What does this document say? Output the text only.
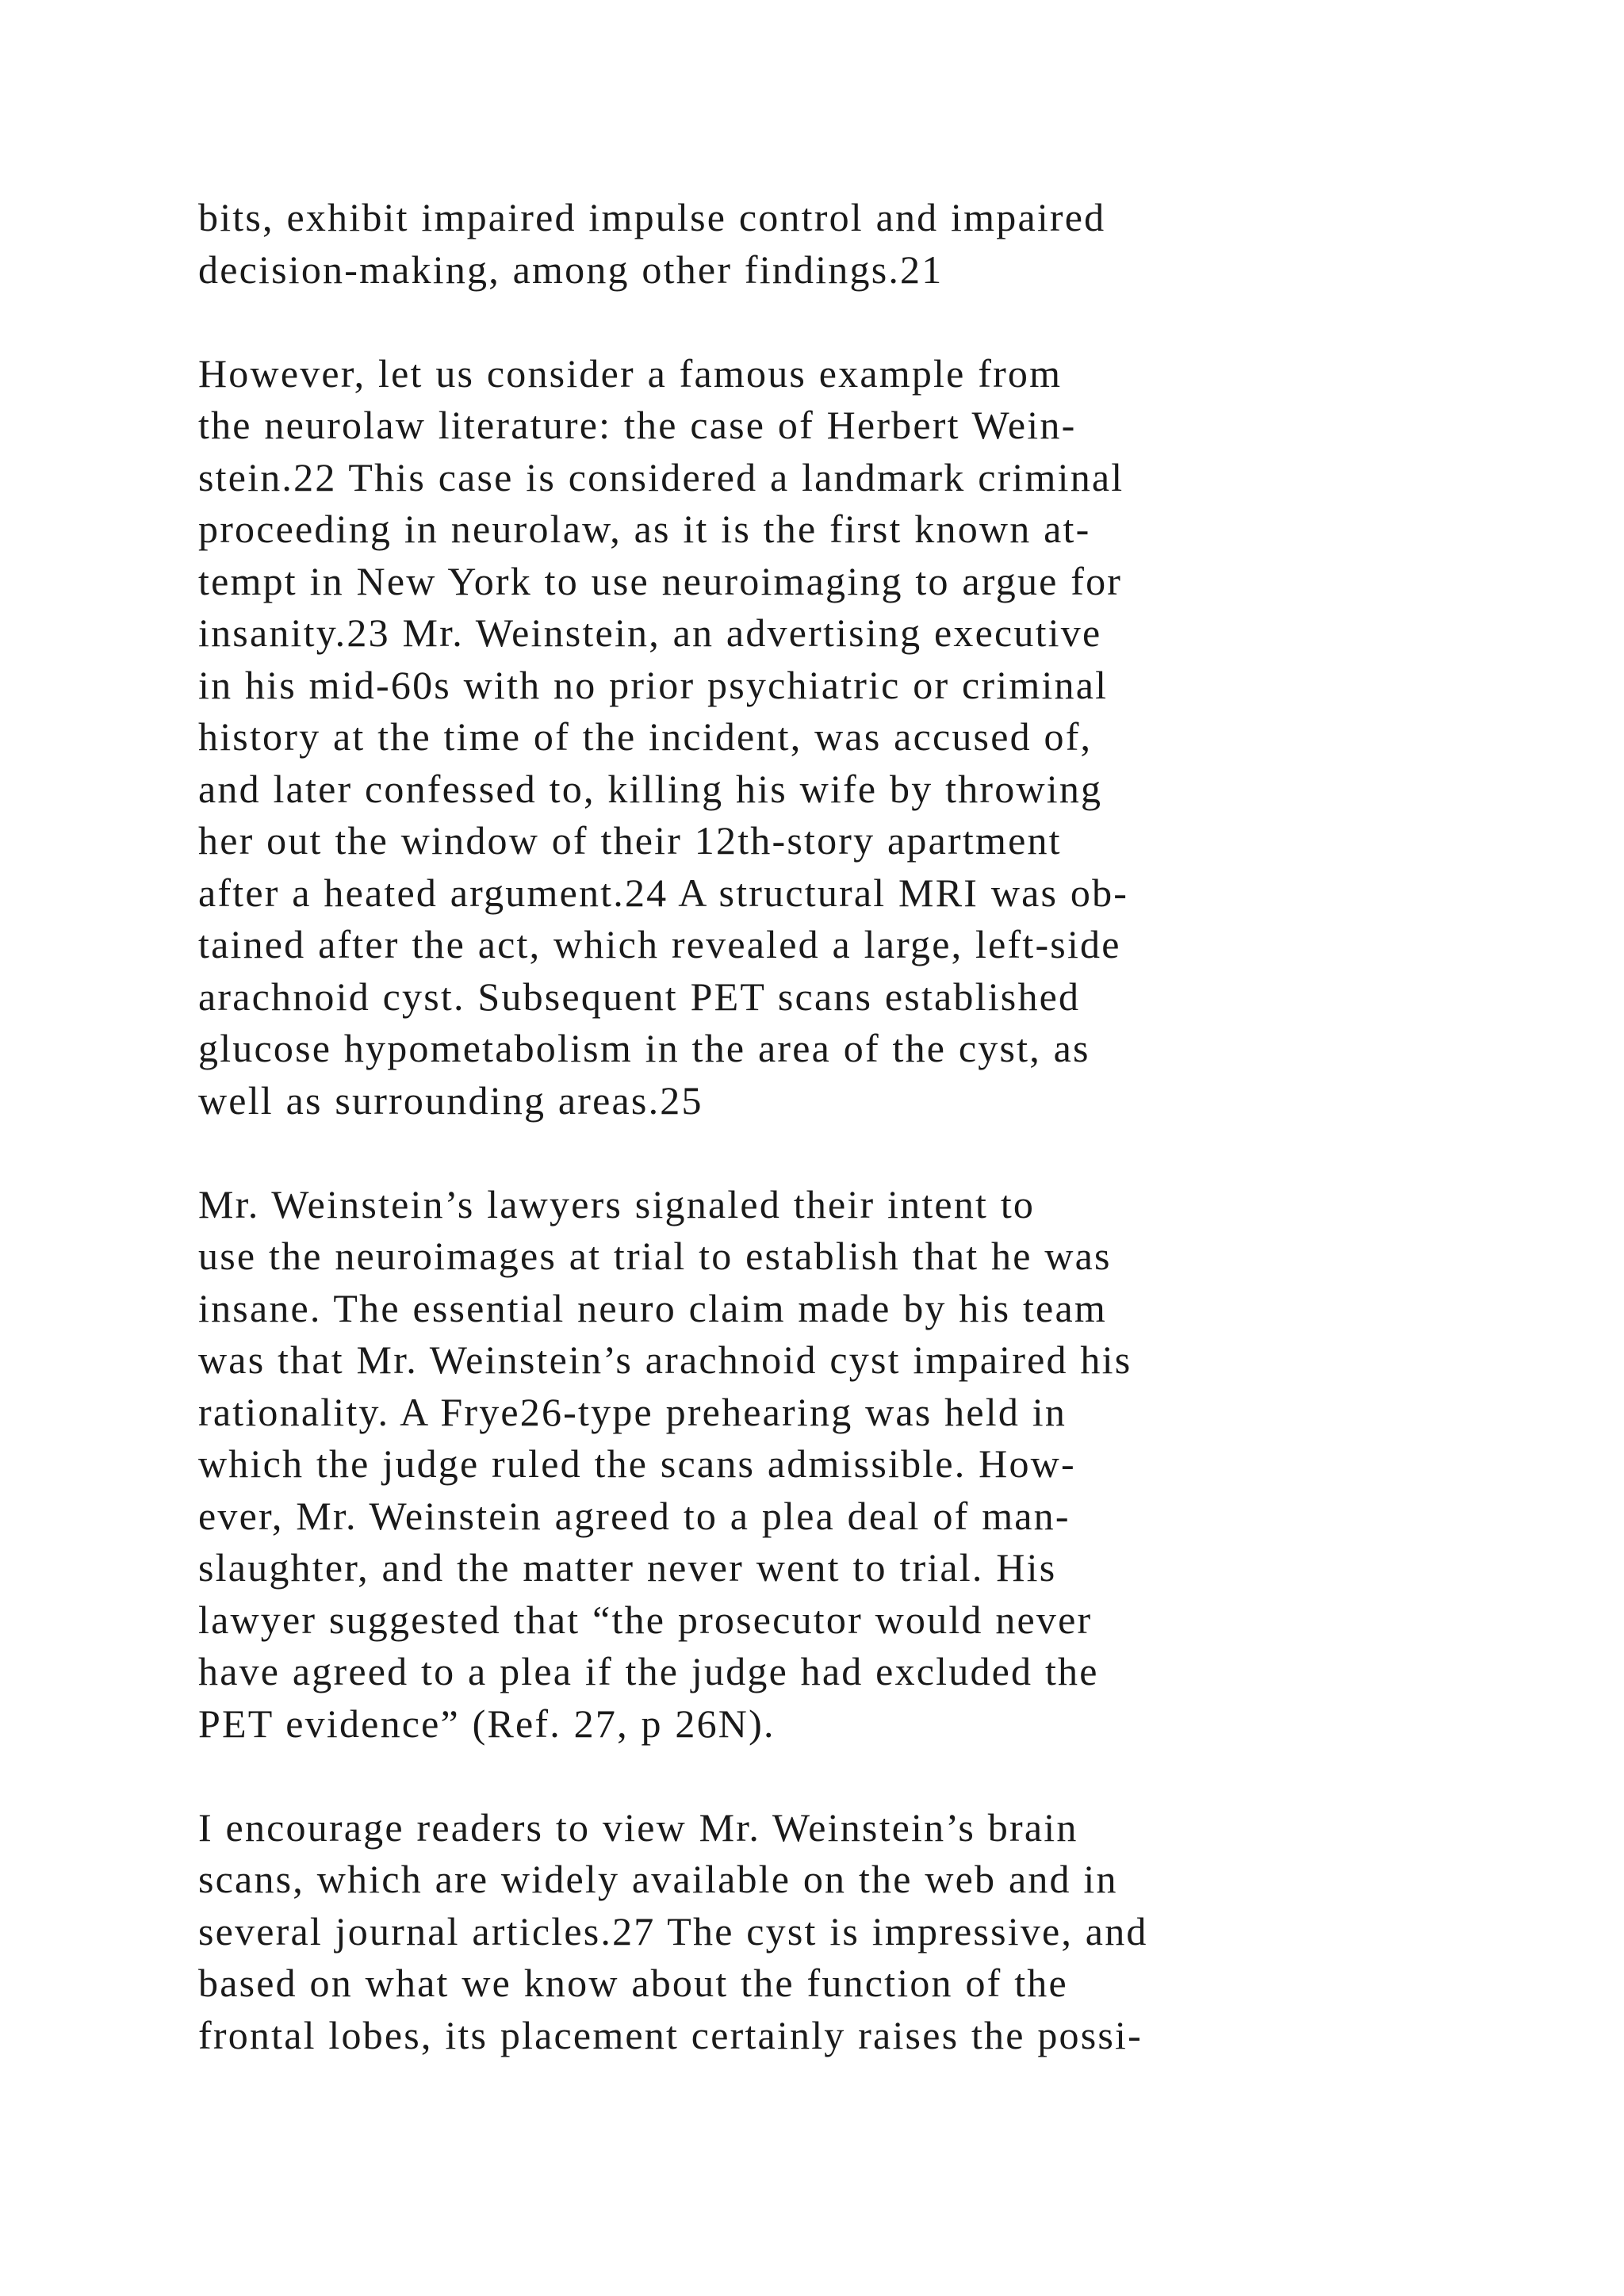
bits, exhibit impaired impulse control and impaired
decision-making, among other findings.21

However, let us consider a famous example from
the neurolaw literature: the case of Herbert Wein-
stein.22 This case is considered a landmark criminal
proceeding in neurolaw, as it is the first known at-
tempt in New York to use neuroimaging to argue for
insanity.23 Mr. Weinstein, an advertising executive
in his mid-60s with no prior psychiatric or criminal
history at the time of the incident, was accused of,
and later confessed to, killing his wife by throwing
her out the window of their 12th-story apartment
after a heated argument.24 A structural MRI was ob-
tained after the act, which revealed a large, left-side
arachnoid cyst. Subsequent PET scans established
glucose hypometabolism in the area of the cyst, as
well as surrounding areas.25

Mr. Weinstein’s lawyers signaled their intent to
use the neuroimages at trial to establish that he was
insane. The essential neuro claim made by his team
was that Mr. Weinstein’s arachnoid cyst impaired his
rationality. A Frye26-type prehearing was held in
which the judge ruled the scans admissible. How-
ever, Mr. Weinstein agreed to a plea deal of man-
slaughter, and the matter never went to trial. His
lawyer suggested that “the prosecutor would never
have agreed to a plea if the judge had excluded the
PET evidence” (Ref. 27, p 26N).

I encourage readers to view Mr. Weinstein’s brain
scans, which are widely available on the web and in
several journal articles.27 The cyst is impressive, and
based on what we know about the function of the
frontal lobes, its placement certainly raises the possi-
